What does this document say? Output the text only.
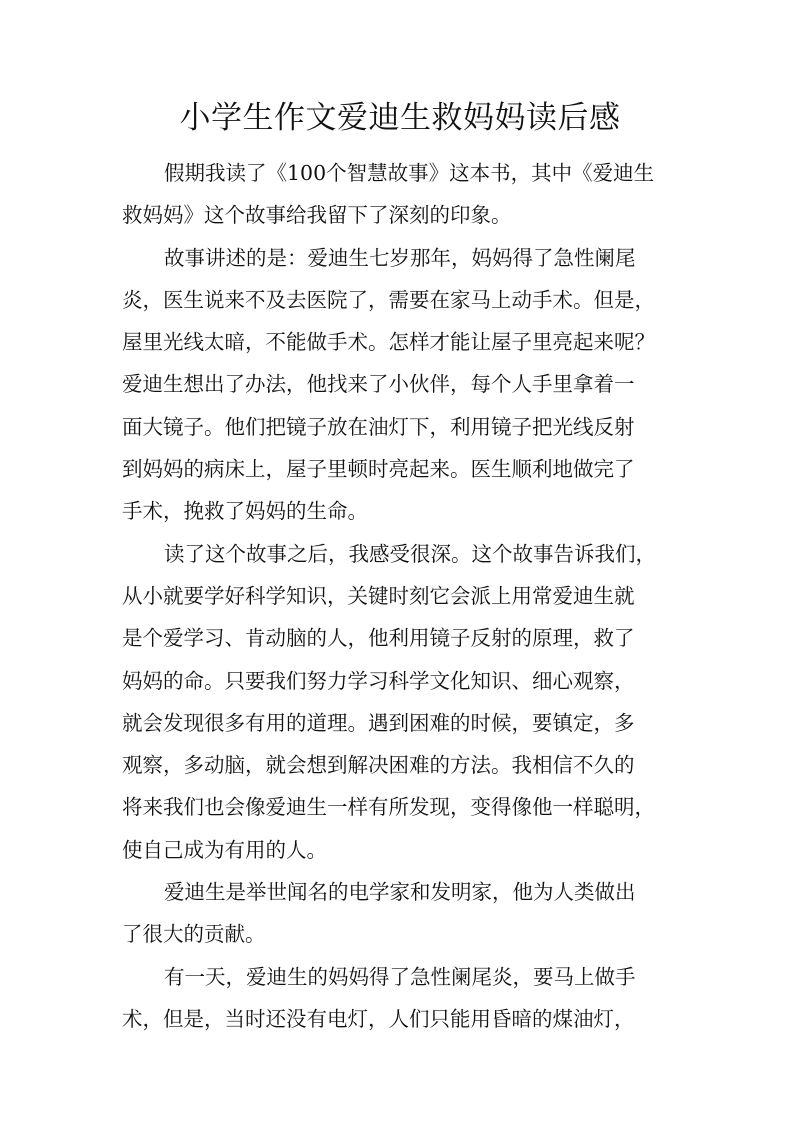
小学生作文爱迪生救妈妈读后感
假期我读了《100个智慧故事》这本书，其中《爱迪生
救妈妈》这个故事给我留下了深刻的印象。
故事讲述的是：爱迪生七岁那年，妈妈得了急性阑尾
炎，医生说来不及去医院了，需要在家马上动手术。但是，
屋里光线太暗，不能做手术。怎样才能让屋子里亮起来呢？
爱迪生想出了办法，他找来了小伙伴，每个人手里拿着一
面大镜子。他们把镜子放在油灯下，利用镜子把光线反射
到妈妈的病床上，屋子里顿时亮起来。医生顺利地做完了
手术，挽救了妈妈的生命。
读了这个故事之后，我感受很深。这个故事告诉我们，
从小就要学好科学知识，关键时刻它会派上用常爱迪生就
是个爱学习、肯动脑的人，他利用镜子反射的原理，救了
妈妈的命。只要我们努力学习科学文化知识、细心观察，
就会发现很多有用的道理。遇到困难的时候，要镇定，多
观察，多动脑，就会想到解决困难的方法。我相信不久的
将来我们也会像爱迪生一样有所发现，变得像他一样聪明，
使自己成为有用的人。
爱迪生是举世闻名的电学家和发明家，他为人类做出
了很大的贡献。
有一天，爱迪生的妈妈得了急性阑尾炎，要马上做手
术，但是，当时还没有电灯，人们只能用昏暗的煤油灯，
